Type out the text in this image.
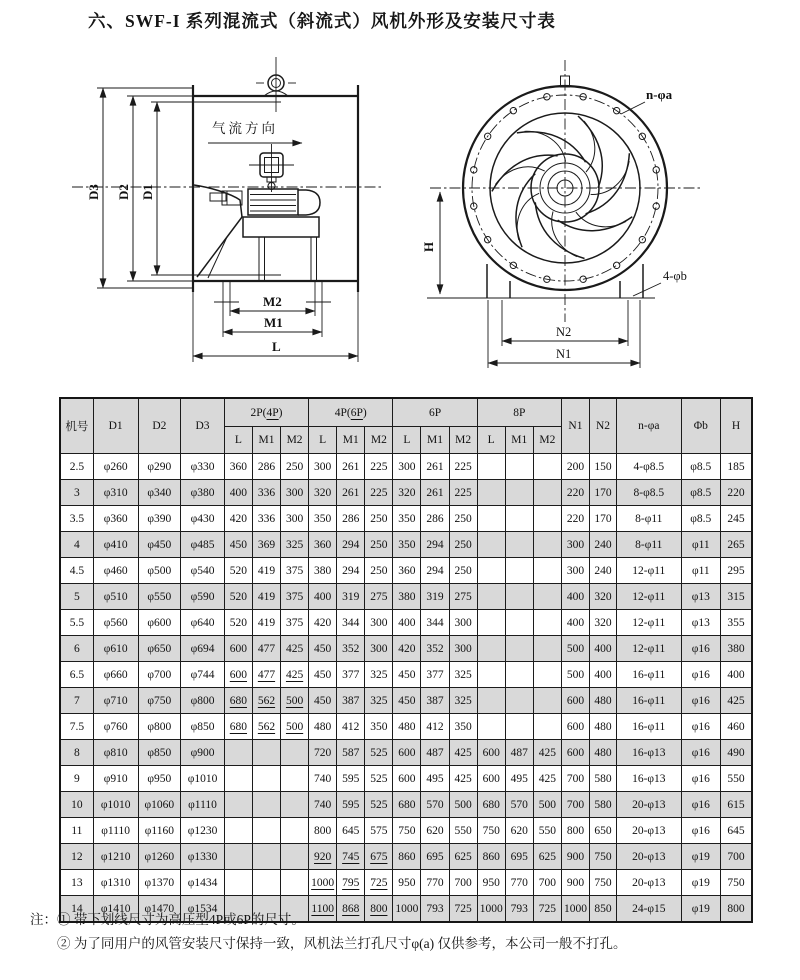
六、SWF-I 系列混流式（斜流式）风机外形及安装尺寸表
气流方向
D3 D2 D1
M2
M1
L
H
n-φa
4-φb
N2
N1
机号	D1	D2	D3	2P(4P)			4P(6P)			6P			8P			N1	N2	n-φa	Φb	H
				L	M1	M2	L	M1	M2	L	M1	M2	L	M1	M2					
2.5	φ260	φ290	φ330	360	286	250	300	261	225	300	261	225				200	150	4-φ8.5	φ8.5	185
3	φ310	φ340	φ380	400	336	300	320	261	225	320	261	225				220	170	8-φ8.5	φ8.5	220
3.5	φ360	φ390	φ430	420	336	300	350	286	250	350	286	250				220	170	8-φ11	φ8.5	245
4	φ410	φ450	φ485	450	369	325	360	294	250	350	294	250				300	240	8-φ11	φ11	265
4.5	φ460	φ500	φ540	520	419	375	380	294	250	360	294	250				300	240	12-φ11	φ11	295
5	φ510	φ550	φ590	520	419	375	400	319	275	380	319	275				400	320	12-φ11	φ13	315
5.5	φ560	φ600	φ640	520	419	375	420	344	300	400	344	300				400	320	12-φ11	φ13	355
6	φ610	φ650	φ694	600	477	425	450	352	300	420	352	300				500	400	12-φ11	φ16	380
6.5	φ660	φ700	φ744	600	477	425	450	377	325	450	377	325				500	400	16-φ11	φ16	400
7	φ710	φ750	φ800	680	562	500	450	387	325	450	387	325				600	480	16-φ11	φ16	425
7.5	φ760	φ800	φ850	680	562	500	480	412	350	480	412	350				600	480	16-φ11	φ16	460
8	φ810	φ850	φ900				720	587	525	600	487	425	600	487	425	600	480	16-φ13	φ16	490
9	φ910	φ950	φ1010				740	595	525	600	495	425	600	495	425	700	580	16-φ13	φ16	550
10	φ1010	φ1060	φ1110				740	595	525	680	570	500	680	570	500	700	580	20-φ13	φ16	615
11	φ1110	φ1160	φ1230				800	645	575	750	620	550	750	620	550	800	650	20-φ13	φ16	645
12	φ1210	φ1260	φ1330				920	745	675	860	695	625	860	695	625	900	750	20-φ13	φ19	700
13	φ1310	φ1370	φ1434				1000	795	725	950	770	700	950	770	700	900	750	20-φ13	φ19	750
14	φ1410	φ1470	φ1534				1100	868	800	1000	793	725	1000	793	725	1000	850	24-φ15	φ19	800
注：① 带下划线尺寸为高压型4P或6P的尺寸。
② 为了同用户的风管安装尺寸保持一致，风机法兰打孔尺寸φ(a) 仅供参考，本公司一般不打孔。
